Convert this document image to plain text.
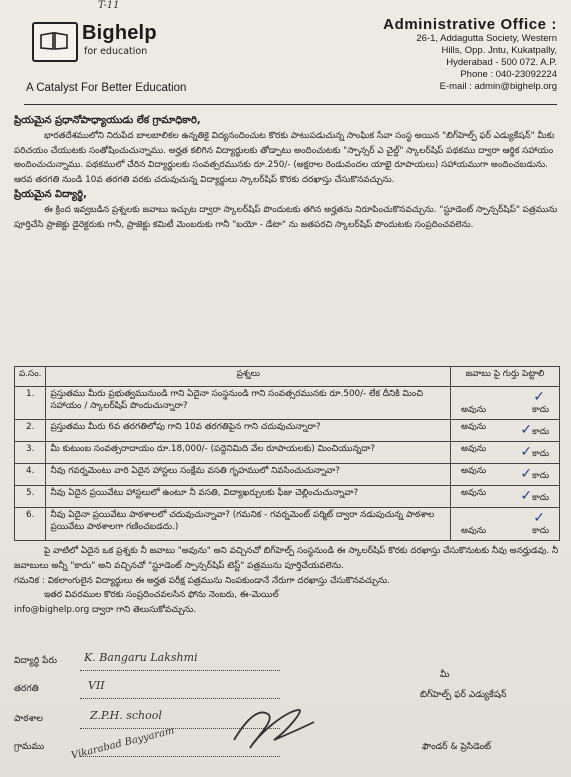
Bighelp
for education
T-11
A Catalyst For Better Education
Administrative Office :
26-1, Addagutta Society, Western
Hills, Opp. Jntu, Kukatpally,
Hyderabad - 500 072. A.P.
Phone : 040-23092224
E-mail : admin@bighelp.org

ప్రియమైన ప్రధానోపాధ్యాయుడు లేక గ్రామాధికారి,

భారతదేశములోని నిరుపేద బాలబాలికల ఉన్నతికై విద్యనందించుట కొరకు పాటుపడుచున్న సాంఘిక సేవా సంస్థ అయిన "బిగ్‌హెల్ప్ ఫర్ ఎడ్యుకేషన్" మీకు పరిచయం చేయుటకు సంతోషించుచున్నాము. అర్హత కలిగిన విద్యార్థులకు తోడ్పాటు అందించుటకు "స్పాన్సర్ ఎ చైల్డ్" స్కాలర్‌షిప్ పథకము ద్వారా ఆర్థిక సహాయం అందించుచున్నాము. పథకములో చేరిన విద్యార్థులకు సంవత్సరమునకు రూ.250/- (అక్షరాల రెండువందల యాభై రూపాయలు) సహాయముగా అందించబడును. ఆరవ తరగతి నుండి 10వ తరగతి వరకు చదువుచున్న విద్యార్థులు స్కాలర్‌షిప్ కొరకు దరఖాస్తు చేసుకొనవచ్చును.

ప్రియమైన విద్యార్థి,

ఈ క్రింద ఇవ్వబడిన ప్రశ్నలకు జవాబు ఇచ్చుట ద్వారా స్కాలర్‌షిప్ పొందుటకు తగిన అర్హతను నిరూపించుకొనవచ్చును. "స్టూడెంట్ స్పాన్సర్‌షిప్" పత్రమును పూర్తిచేసి ప్రాజెక్టు డైరెక్టరుకు గానీ, ప్రాజెక్టు కమిటీ మెంబరుకు గానీ "బయో - డేటా" ను జతపరచి స్కాలర్‌షిప్ పొందుటకు సంప్రదించవలెను.

ప.సం.	ప్రశ్నలు	జవాబు పై గుర్తు పెట్టాలి
1.	ప్రస్తుతము మీరు ప్రభుత్వమునుండి గాని ఏదైనా సంస్థనుండి గాని సంవత్సరమునకు రూ.500/- లేక దీనికి మించి సహాయం / స్కాలర్‌షిప్ పొందుచున్నారా?	✓
అవును కాదు

2.	ప్రస్తుతము మీరు 6వ తరగతిలోపు గాని 10వ తరగతిపైన గాని చదువుచున్నారా?	అవును ✓కాదు

3.	మీ కుటుంబ సంవత్సరాదాయం రూ.18,000/- (పద్దెనిమిది వేల రూపాయలకు) మించియున్నదా?	అవును ✓కాదు

4.	నీవు గవర్నమెంటు వారి ఏదైన హాస్టలు సంక్షేమ వసతి గృహములో నివసించుచున్నావా?	అవును ✓కాదు

5.	నీవు ఏదైన ప్రయివేటు హాస్టలులో ఉంటూ నీ వసతి, విద్యాఖర్చులకు ఫీజు చెల్లించుచున్నావా?	అవును ✓కాదు

6.	నీవు ఏదైనా ప్రయివేటు పాఠశాలలో చదువుచున్నావా? (గమనిక - గవర్నమెంట్ పర్మిట్ ద్వారా నడుపుచున్న పాఠశాల ప్రయివేటు పాఠశాలగా గణించబడదు.)	✓
అవును కాదు

పై వాటిలో ఏదైన ఒక ప్రశ్నకు నీ జవాబు "అవును" అని వచ్చినచో బిగ్‌హెల్ప్ సంస్థనుండి ఈ స్కాలర్‌షిప్ కొరకు దరఖాస్తు చేసుకొనుటకు నీవు అనర్హుడవు. నీ జవాబులు అన్నీ "కాదు" అని వచ్చినచో "స్టూడెంట్ స్పాన్సర్‌షిప్ టెస్ట్" పత్రమును పూర్తిచేయవలెను.

గమనిక : వికలాంగులైన విద్యార్థులు ఈ అర్హత పరీక్ష పత్రమును నింపకుండానే నేరుగా దరఖాస్తు చేసుకొనవచ్చును.

ఇతర వివరముల కొరకు సంప్రదించవలసిన ఫోను నెంబరు, ఈ-మెయిల్

info@bighelp.org ద్వారా గాని తెలుసుకోవచ్చును.

విద్యార్థి పేరు K. Bangaru Lakshmi
తరగతి	VII
పాఠశాల	Z.P.H. school
గ్రామము	Vikarabad Bayyaram
మీ
బిగ్‌హెల్ప్ ఫర్ ఎడ్యుకేషన్
ఫౌండర్ & ప్రెసిడెంట్
